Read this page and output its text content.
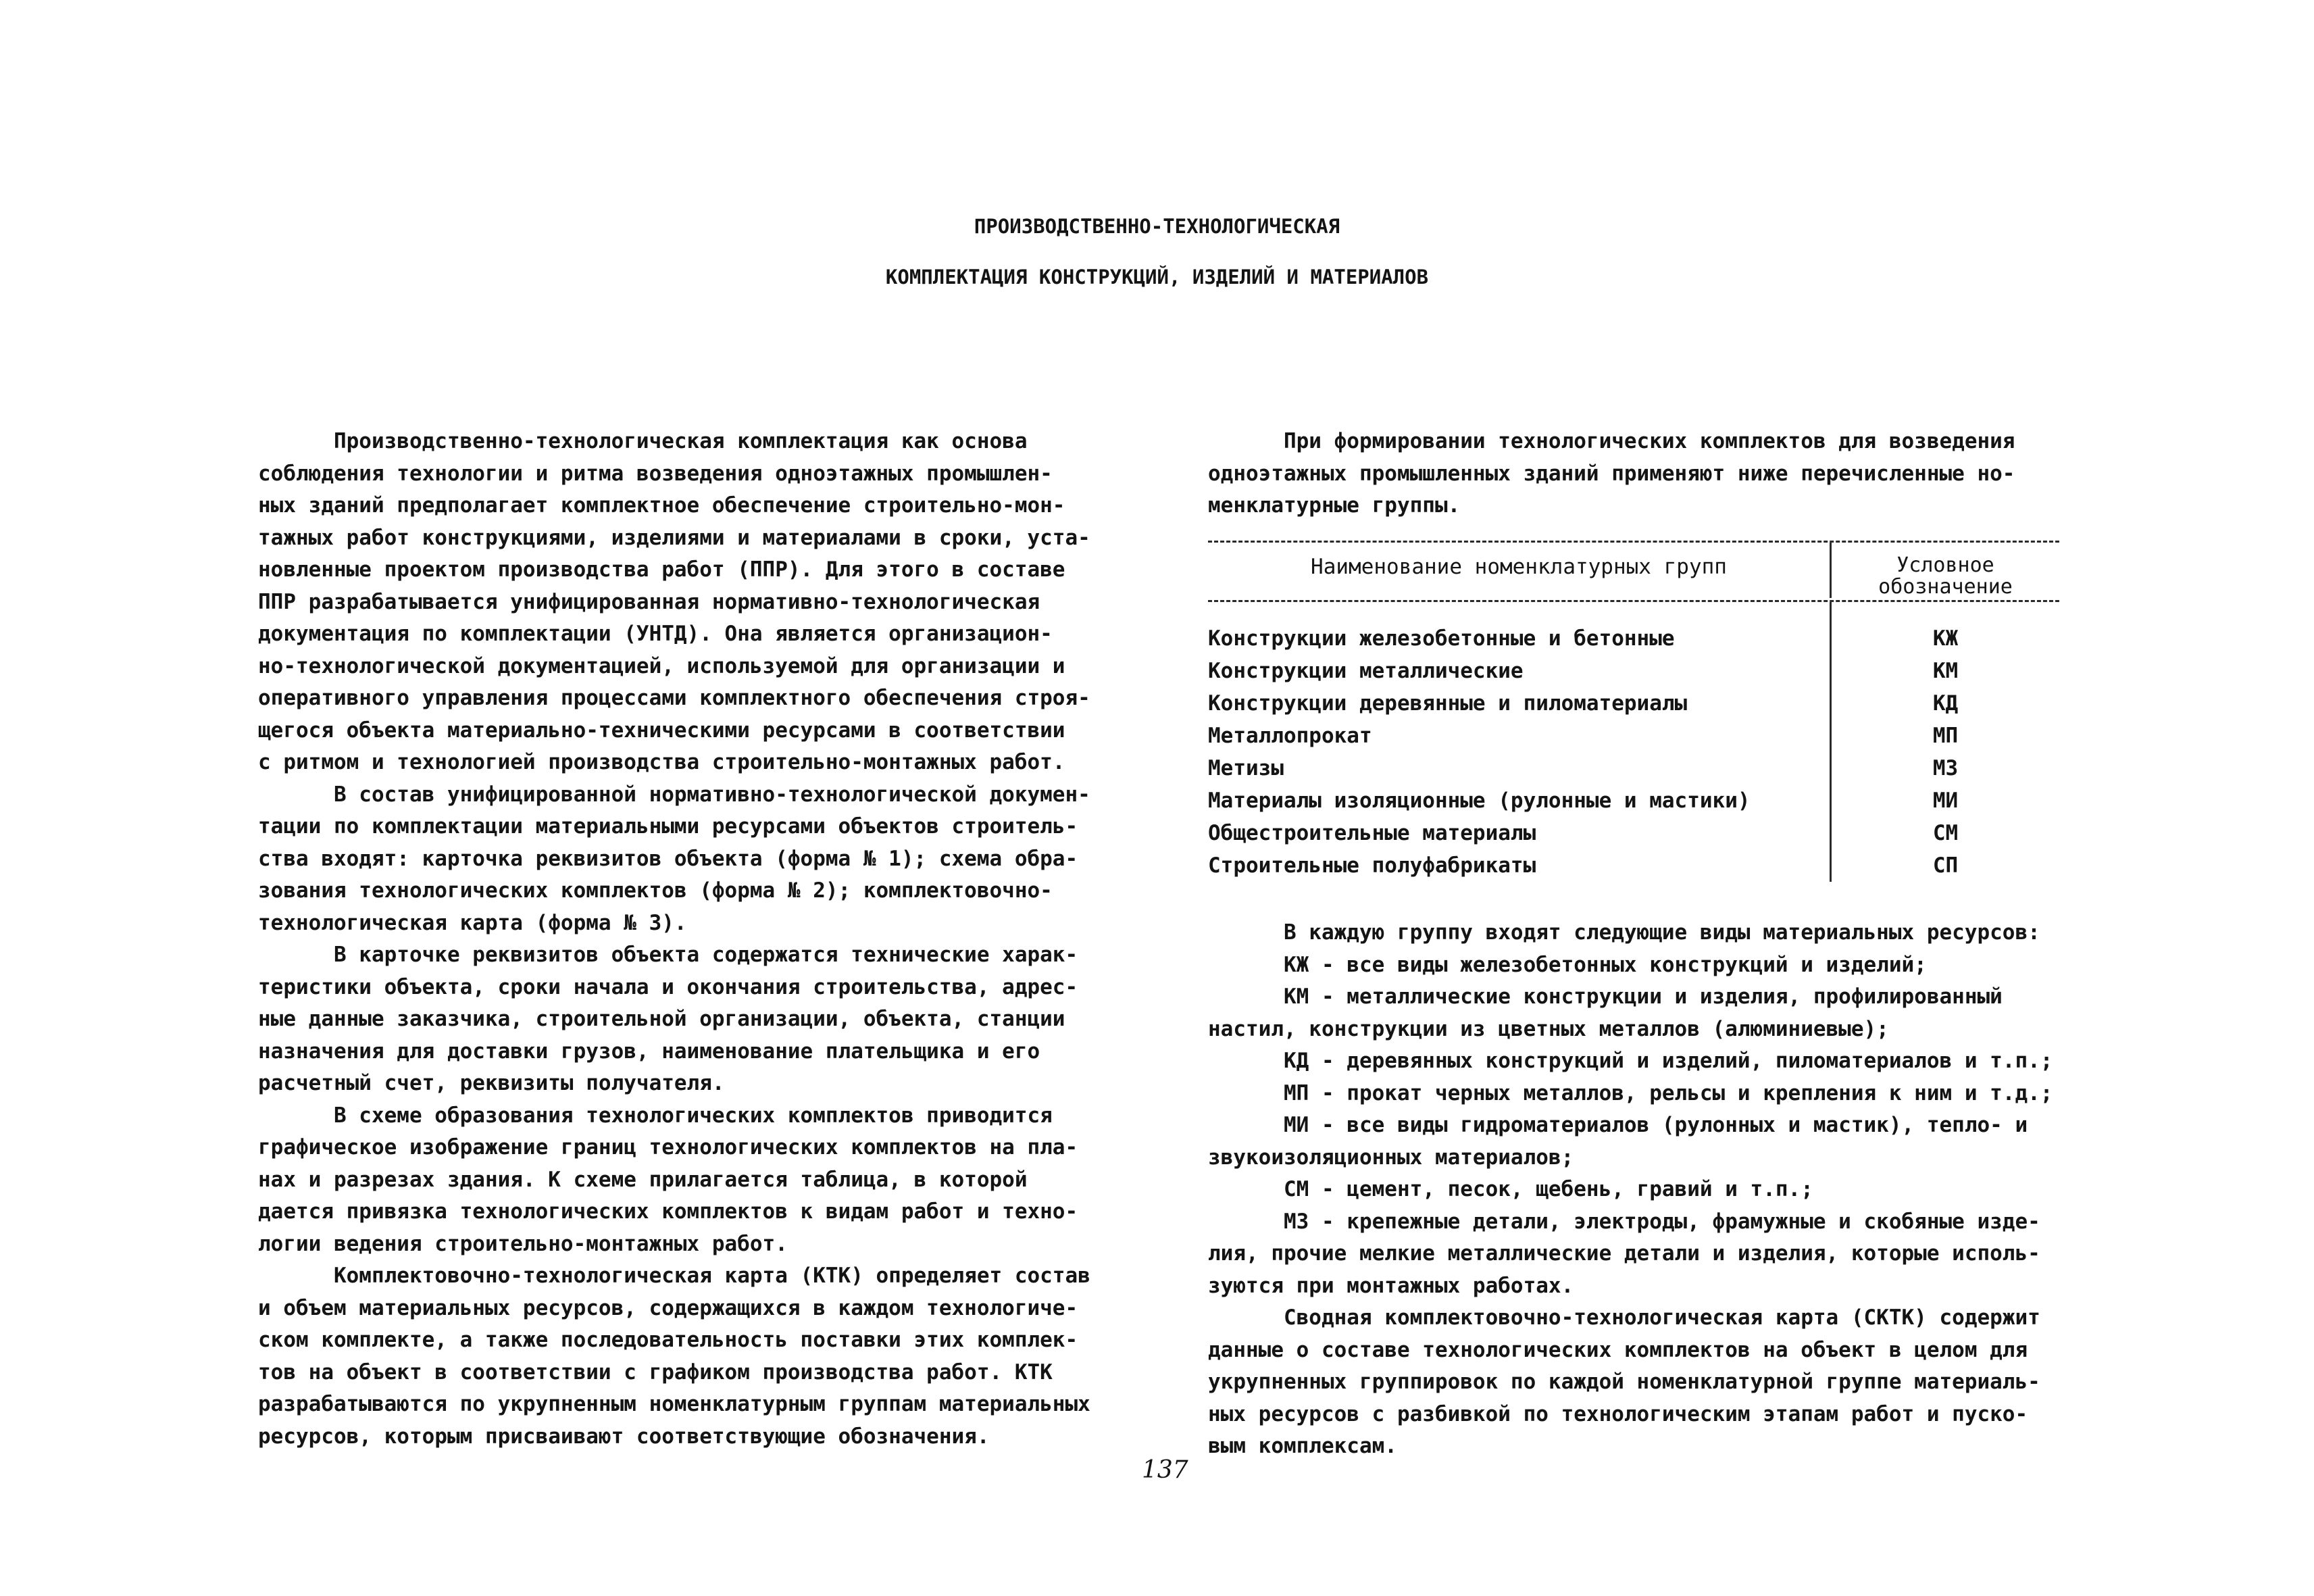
ПРОИЗВОДСТВЕННО-ТЕХНОЛОГИЧЕСКАЯ
КОМПЛЕКТАЦИЯ КОНСТРУКЦИЙ, ИЗДЕЛИЙ И МАТЕРИАЛОВ
Производственно-технологическая комплектация как основа
соблюдения технологии и ритма возведения одноэтажных промышлен-
ных зданий предполагает комплектное обеспечение строительно-мон-
тажных работ конструкциями, изделиями и материалами в сроки, уста-
новленные проектом производства работ (ППР). Для этого в составе
ППР разрабатывается унифицированная нормативно-технологическая
документация по комплектации (УНТД). Она является организацион-
но-технологической документацией, используемой для организации и
оперативного управления процессами комплектного обеспечения строя-
щегося объекта материально-техническими ресурсами в соответствии
с ритмом и технологией производства строительно-монтажных работ.
В состав унифицированной нормативно-технологической докумен-
тации по комплектации материальными ресурсами объектов строитель-
ства входят: карточка реквизитов объекта (форма № 1); схема обра-
зования технологических комплектов (форма № 2); комплектовочно-
технологическая карта (форма № 3).
В карточке реквизитов объекта содержатся технические харак-
теристики объекта, сроки начала и окончания строительства, адрес-
ные данные заказчика, строительной организации, объекта, станции
назначения для доставки грузов, наименование плательщика и его
расчетный счет, реквизиты получателя.
В схеме образования технологических комплектов приводится
графическое изображение границ технологических комплектов на пла-
нах и разрезах здания. К схеме прилагается таблица, в которой
дается привязка технологических комплектов к видам работ и техно-
логии ведения строительно-монтажных работ.
Комплектовочно-технологическая карта (КТК) определяет состав
и объем материальных ресурсов, содержащихся в каждом технологиче-
ском комплекте, а также последовательность поставки этих комплек-
тов на объект в соответствии с графиком производства работ. КТК
разрабатываются по укрупненным номенклатурным группам материальных
ресурсов, которым присваивают соответствующие обозначения.
При формировании технологических комплектов для возведения
одноэтажных промышленных зданий применяют ниже перечисленные но-
менклатурные группы.
Наименование номенклатурных групп	Условное
обозначение
Конструкции железобетонные и бетонные
Конструкции металлические
Конструкции деревянные и пиломатериалы
Металлопрокат
Метизы
Материалы изоляционные (рулонные и мастики)
Общестроительные материалы
Строительные полуфабрикаты
КЖ
КМ
КД
МП
МЗ
МИ
СМ
СП
В каждую группу входят следующие виды материальных ресурсов:
КЖ - все виды железобетонных конструкций и изделий;
КМ - металлические конструкции и изделия, профилированный
настил, конструкции из цветных металлов (алюминиевые);
КД - деревянных конструкций и изделий, пиломатериалов и т.п.;
МП - прокат черных металлов, рельсы и крепления к ним и т.д.;
МИ - все виды гидроматериалов (рулонных и мастик), тепло- и
звукоизоляционных материалов;
СМ - цемент, песок, щебень, гравий и т.п.;
МЗ - крепежные детали, электроды, фрамужные и скобяные изде-
лия, прочие мелкие металлические детали и изделия, которые исполь-
зуются при монтажных работах.
Сводная комплектовочно-технологическая карта (СКТК) содержит
данные о составе технологических комплектов на объект в целом для
укрупненных группировок по каждой номенклатурной группе материаль-
ных ресурсов с разбивкой по технологическим этапам работ и пуско-
вым комплексам.
137
